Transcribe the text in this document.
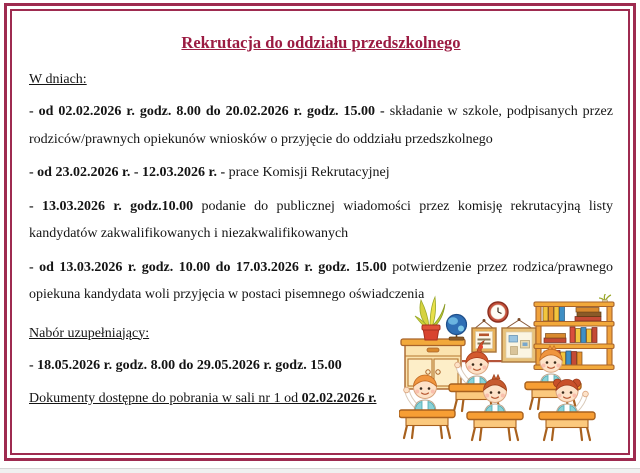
Rekrutacja do oddziału przedszkolnego

W dniach:

- od 02.02.2026 r. godz. 8.00 do 20.02.2026 r. godz. 15.00 - składanie w szkole, podpisanych przez rodziców/prawnych opiekunów wniosków o przyjęcie do oddziału przedszkolnego

- od 23.02.2026 r. - 12.03.2026 r. - prace Komisji Rekrutacyjnej

- 13.03.2026 r. godz.10.00 podanie do publicznej wiadomości przez komisję rekrutacyjną listy kandydatów zakwalifikowanych i niezakwalifikowanych

- od 13.03.2026 r. godz. 10.00 do 17.03.2026 r. godz. 15.00 potwierdzenie przez rodzica/​prawnego opiekuna kandydata woli przyjęcia w postaci pisemnego oświadczenia

Nabór uzupełniający:

- 18.05.2026 r. godz. 8.00 do 29.05.2026 r. godz. 15.00

Dokumenty dostępne do pobrania w sali nr 1 od 02.02.2026 r.
